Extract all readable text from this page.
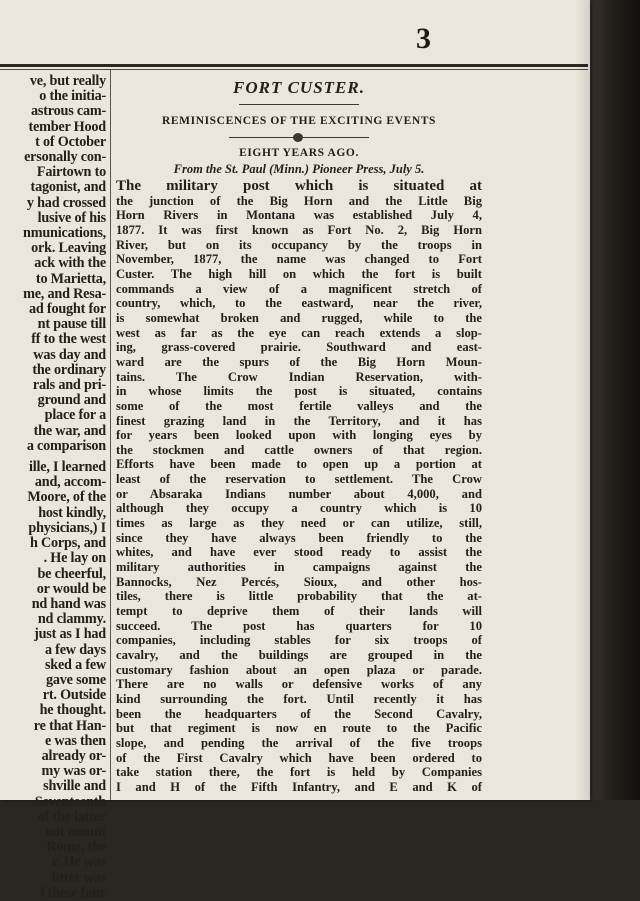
3
ve, but really
o the initia-
astrous cam-
tember Hood
t of October
ersonally con-
Fairtown to
tagonist, and
y had crossed
lusive of his
nmunications,
ork. Leaving
ack with the
to Marietta,
me, and Resa-
ad fought for
nt pause till
ff to the west
was day and
the ordinary
rals and pri-
ground and
place for a
the war, and
a comparison
ille, I learned
and, accom-
Moore, of the
host kindly,
physicians,) I
h Corps, and
. He lay on
be cheerful,
or would be
nd hand was
nd clammy.
just as I had
a few days
sked a few
gave some
rt. Outside
he thought.
re that Han-
e was then
already or-
my was or-
shville and
Seventeenth
of the latter
not mount
Rome, the
r. He was
litter was
l these four
FORT CUSTER.
REMINISCENCES OF THE EXCITING EVENTS
EIGHT YEARS AGO.
From the St. Paul (Minn.) Pioneer Press, July 5.
The military post which is situated at
the junction of the Big Horn and the Little Big
Horn Rivers in Montana was established July 4,
1877. It was first known as Fort No. 2, Big Horn
River, but on its occupancy by the troops in
November, 1877, the name was changed to Fort
Custer. The high hill on which the fort is built
commands a view of a magnificent stretch of
country, which, to the eastward, near the river,
is somewhat broken and rugged, while to the
west as far as the eye can reach extends a slop-
ing, grass-covered prairie. Southward and east-
ward are the spurs of the Big Horn Moun-
tains. The Crow Indian Reservation, with-
in whose limits the post is situated, contains
some of the most fertile valleys and the
finest grazing land in the Territory, and it has
for years been looked upon with longing eyes by
the stockmen and cattle owners of that region.
Efforts have been made to open up a portion at
least of the reservation to settlement. The Crow
or Absaraka Indians number about 4,000, and
although they occupy a country which is 10
times as large as they need or can utilize, still,
since they have always been friendly to the
whites, and have ever stood ready to assist the
military authorities in campaigns against the
Bannocks, Nez Percés, Sioux, and other hos-
tiles, there is little probability that the at-
tempt to deprive them of their lands will
succeed. The post has quarters for 10
companies, including stables for six troops of
cavalry, and the buildings are grouped in the
customary fashion about an open plaza or parade.
There are no walls or defensive works of any
kind surrounding the fort. Until recently it has
been the headquarters of the Second Cavalry,
but that regiment is now en route to the Pacific
slope, and pending the arrival of the five troops
of the First Cavalry which have been ordered to
take station there, the fort is held by Companies
I and H of the Fifth Infantry, and E and K of
